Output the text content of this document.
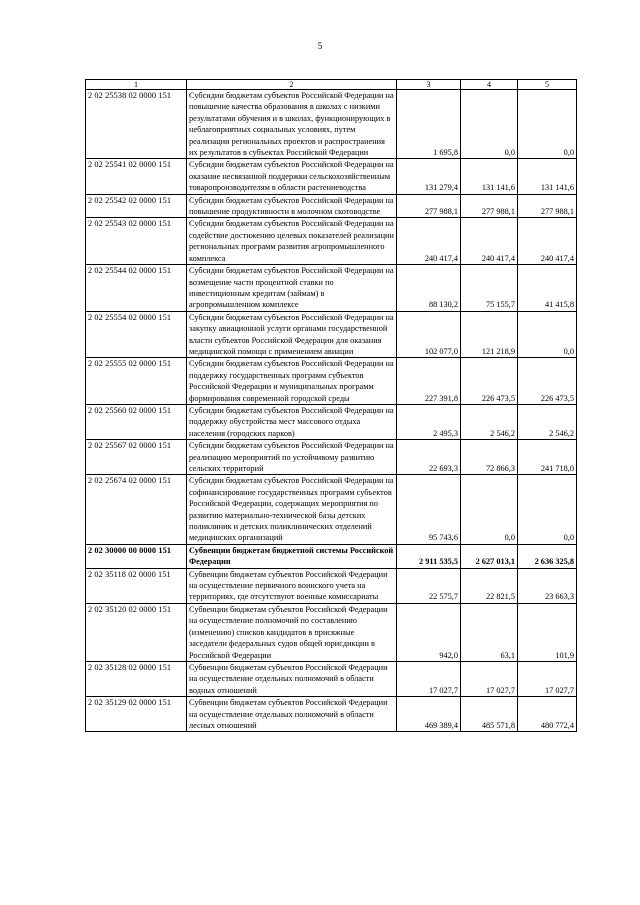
5
1	2	3	4	5
2 02 25538 02 0000 151	Субсидии бюджетам субъектов Российской Федерации на повышение качества образования в школах с низкими результатами обучения и в школах, функционирующих в неблагоприятных социальных условиях, путем реализации региональных проектов и распространения их результатов в субъектах Российской Федерации	1 695,8	0,0	0,0
2 02 25541 02 0000 151	Субсидии бюджетам субъектов Российской Федерации на оказание несвязанной поддержки сельскохозяйственным товаропроизводителям в области растениеводства	131 279,4	131 141,6	131 141,6
2 02 25542 02 0000 151	Субсидии бюджетам субъектов Российской Федерации на повышение продуктивности в молочном скотоводстве	277 988,1	277 988,1	277 988,1
2 02 25543 02 0000 151	Субсидии бюджетам субъектов Российской Федерации на содействие достижению целевых показателей реализации региональных программ развития агропромышленного комплекса	240 417,4	240 417,4	240 417,4
2 02 25544 02 0000 151	Субсидии бюджетам субъектов Российской Федерации на возмещение части процентной ставки по инвестиционным кредитам (займам) в агропромышленном комплексе	88 130,2	75 155,7	41 415,8
2 02 25554 02 0000 151	Субсидии бюджетам субъектов Российской Федерации на закупку авиационной услуги органами государственной власти субъектов Российской Федерации для оказания медицинской помощи с применением авиации	102 077,0	121 218,9	0,0
2 02 25555 02 0000 151	Субсидии бюджетам субъектов Российской Федерации на поддержку государственных программ субъектов Российской Федерации и муниципальных программ формирования современной городской среды	227 391,8	226 473,5	226 473,5
2 02 25560 02 0000 151	Субсидии бюджетам субъектов Российской Федерации на поддержку обустройства мест массового отдыха населения (городских парков)	2 495,3	2 546,2	2 546,2
2 02 25567 02 0000 151	Субсидии бюджетам субъектов Российской Федерации на реализацию мероприятий по устойчивому развитию сельских территорий	22 693,3	72 866,3	241 718,0
2 02 25674 02 0000 151	Субсидии бюджетам субъектов Российской Федерации на софинансирование государственных программ субъектов Российской Федерации, содержащих мероприятия по развитию материально-технической базы детских поликлиник и детских поликлинических отделений медицинских организаций	95 743,6	0,0	0,0
2 02 30000 00 0000 151	Субвенции бюджетам бюджетной системы Российской Федерации	2 911 535,5	2 627 013,1	2 636 325,8
2 02 35118 02 0000 151	Субвенции бюджетам субъектов Российской Федерации на осуществление первичного воинского учета на территориях, где отсутствуют военные комиссариаты	22 575,7	22 821,5	23 663,3
2 02 35120 02 0000 151	Субвенции бюджетам субъектов Российской Федерации на осуществление полномочий по составлению (изменению) списков кандидатов в присяжные заседатели федеральных судов общей юрисдикции в Российской Федерации	942,0	63,1	101,9
2 02 35128 02 0000 151	Субвенции бюджетам субъектов Российской Федерации на осуществление отдельных полномочий в области водных отношений	17 027,7	17 027,7	17 027,7
2 02 35129 02 0000 151	Субвенции бюджетам субъектов Российской Федерации на осуществление отдельных полномочий в области лесных отношений	469 389,4	485 571,8	480 772,4
